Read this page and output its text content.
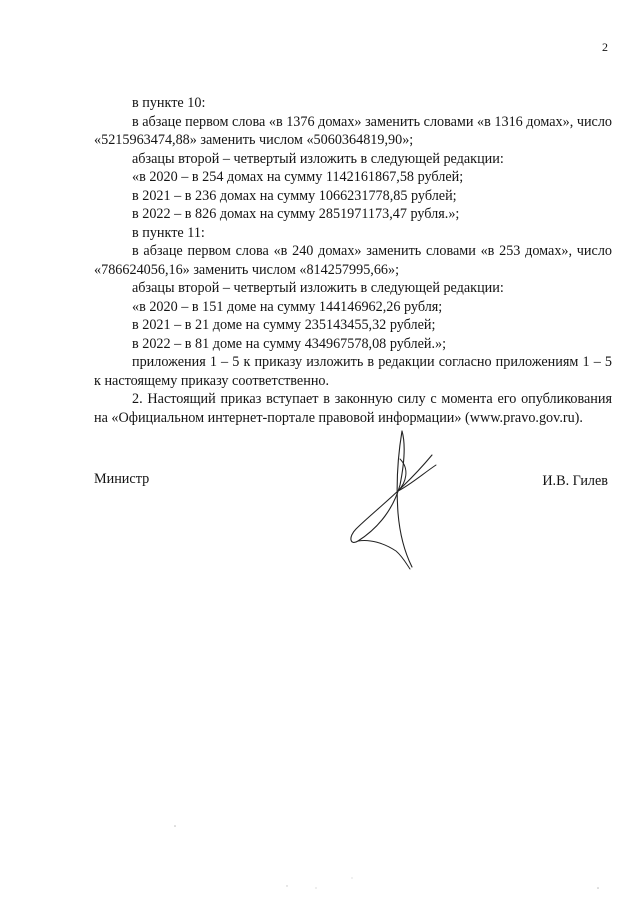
2

в пункте 10:

в абзаце первом слова «в 1376 домах» заменить словами «в 1316 домах», число «5215963474,88» заменить числом «5060364819,90»;

абзацы второй – четвертый изложить в следующей редакции:

«в 2020 – в 254 домах на сумму 1142161867,58 рублей;

в 2021 – в 236 домах на сумму 1066231778,85 рублей;

в 2022 – в 826 домах на сумму 2851971173,47 рубля.»;

в пункте 11:

в абзаце первом слова «в 240 домах» заменить словами «в 253 домах», число «786624056,16» заменить числом «814257995,66»;

абзацы второй – четвертый изложить в следующей редакции:

«в 2020 – в 151 доме на сумму 144146962,26 рубля;

в 2021 – в 21 доме на сумму 235143455,32 рублей;

в 2022 – в 81 доме на сумму 434967578,08 рублей.»;

приложения 1 – 5 к приказу изложить в редакции согласно приложениям 1 – 5 к настоящему приказу соответственно.

2. Настоящий приказ вступает в законную силу с момента его опубликования на «Официальном интернет-портале правовой информации» (www.pravo.gov.ru).

Министр	И.В. Гилев
